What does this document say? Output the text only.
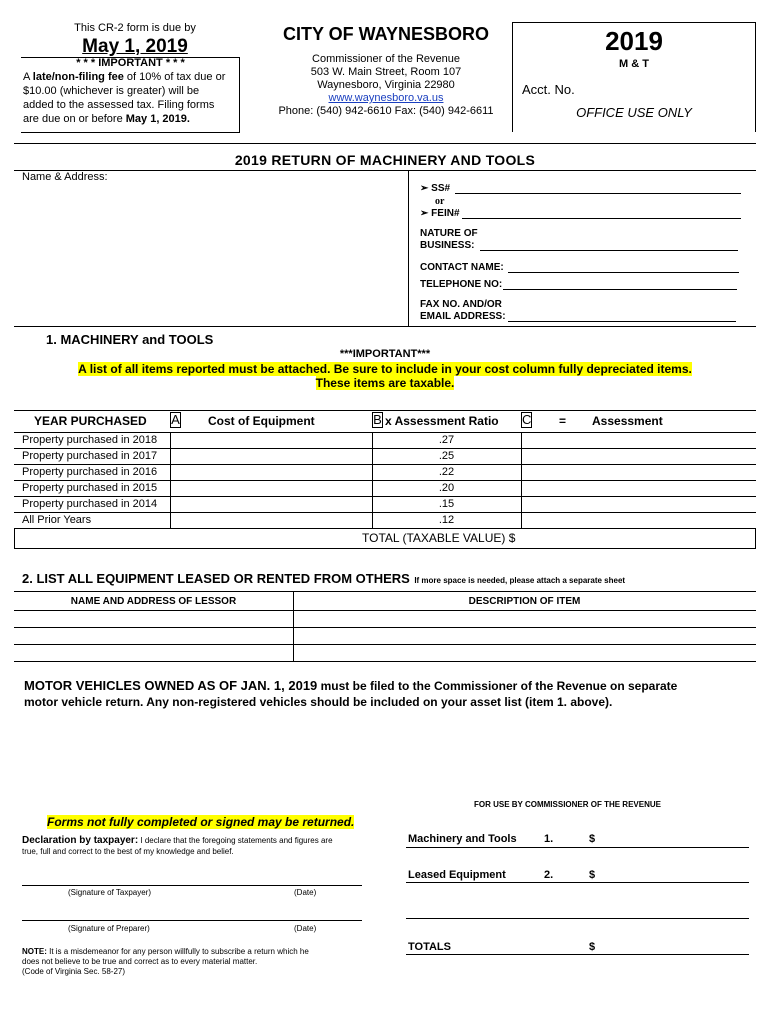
This CR-2 form is due by
May 1, 2019
* * * IMPORTANT * * *
A late/non-filing fee of 10% of tax due or
$10.00 (whichever is greater) will be
added to the assessed tax. Filing forms
are due on or before May 1, 2019.
CITY OF WAYNESBORO
Commissioner of the Revenue
503 W. Main Street, Room 107
Waynesboro, Virginia 22980
www.waynesboro.va.us
Phone: (540) 942-6610 Fax: (540) 942-6611
2019
M & T
Acct. No.
OFFICE USE ONLY
2019 RETURN OF MACHINERY AND TOOLS
Name & Address:
➢ SS#
or
➢ FEIN#
NATURE OF
BUSINESS:
CONTACT NAME:
TELEPHONE NO:
FAX NO. AND/OR
EMAIL ADDRESS:
1. MACHINERY and TOOLS
***IMPORTANT***
A list of all items reported must be attached. Be sure to include in your cost column fully depreciated items.
These items are taxable.
YEAR PURCHASED A Cost of Equipment	B x Assessment Ratio C = Assessment
Property purchased in 2018	.27
Property purchased in 2017	.25
Property purchased in 2016	.22
Property purchased in 2015	.20
Property purchased in 2014	.15
All Prior Years	.12
TOTAL (TAXABLE VALUE) $
2. LIST ALL EQUIPMENT LEASED OR RENTED FROM OTHERS If more space is needed, please attach a separate sheet
NAME AND ADDRESS OF LESSOR	DESCRIPTION OF ITEM
MOTOR VEHICLES OWNED AS OF JAN. 1, 2019 must be filed to the Commissioner of the Revenue on separate
motor vehicle return. Any non-registered vehicles should be included on your asset list (item 1. above).
FOR USE BY COMMISSIONER OF THE REVENUE
Machinery and Tools 1.	$
Leased Equipment	2.	$
TOTALS	$
Forms not fully completed or signed may be returned.
Declaration by taxpayer: I declare that the foregoing statements and figures are
true, full and correct to the best of my knowledge and belief.
(Signature of Taxpayer)	(Date)
(Signature of Preparer)	(Date)
NOTE: It is a misdemeanor for any person willfully to subscribe a return which he
does not believe to be true and correct as to every material matter.
(Code of Virginia Sec. 58-27)
